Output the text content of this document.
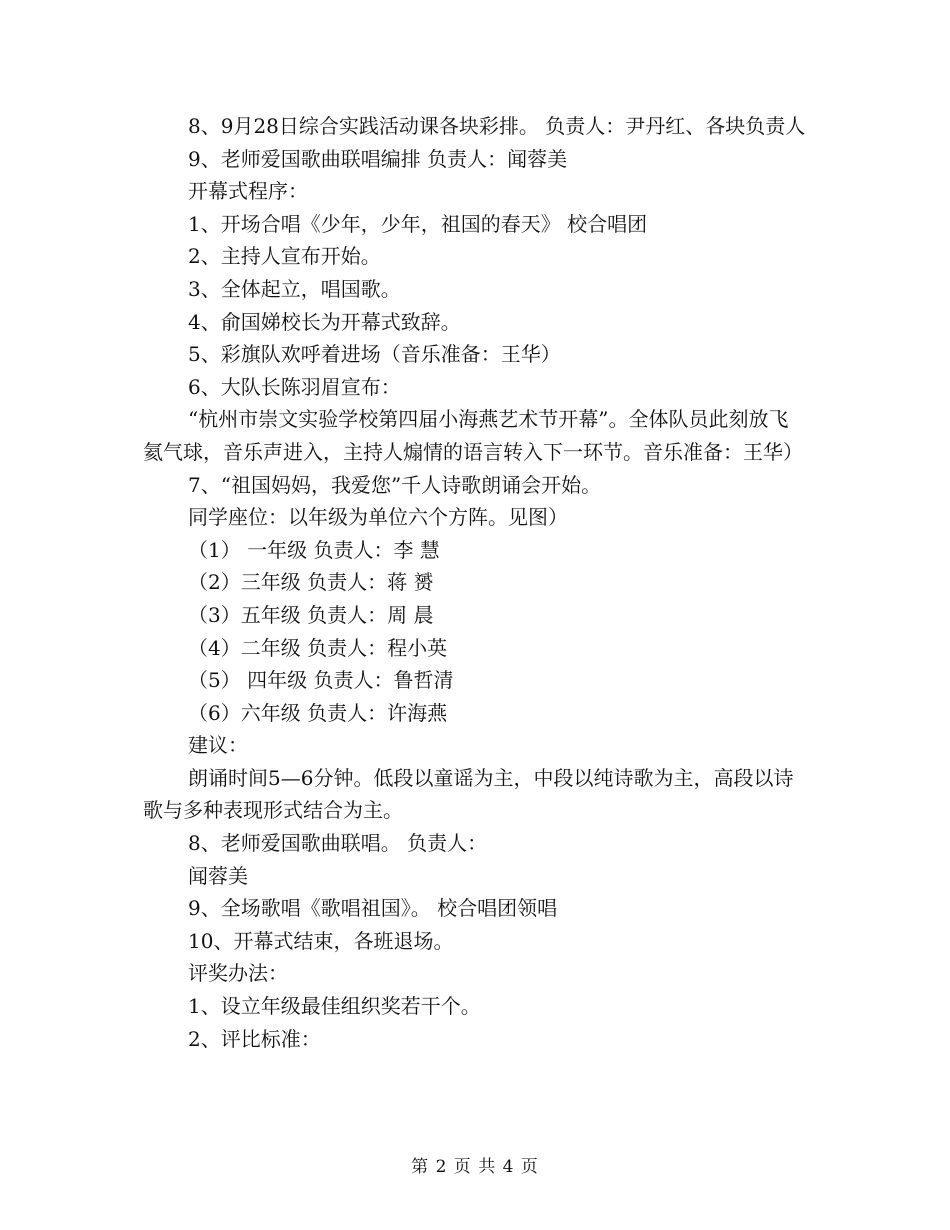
8、9月28日综合实践活动课各块彩排。 负责人：尹丹红、各块负责人

9、老师爱国歌曲联唱编排 负责人：闻蓉美

开幕式程序：

1、开场合唱《少年，少年，祖国的春天》 校合唱团

2、主持人宣布开始。

3、全体起立，唱国歌。

4、俞国娣校长为开幕式致辞。

5、彩旗队欢呼着进场（音乐准备：王华）

6、大队长陈羽眉宣布：

“杭州市崇文实验学校第四届小海燕艺术节开幕”。全体队员此刻放飞氦气球，音乐声进入，主持人煽情的语言转入下一环节。音乐准备：王华）

7、“祖国妈妈，我爱您”千人诗歌朗诵会开始。

同学座位：以年级为单位六个方阵。见图）

（1） 一年级 负责人：李 慧

（2）三年级 负责人：蒋 赟

（3）五年级 负责人：周 晨

（4）二年级 负责人：程小英

（5） 四年级 负责人：鲁哲清

（6）六年级 负责人：许海燕

建议：

朗诵时间5—6分钟。低段以童谣为主，中段以纯诗歌为主，高段以诗歌与多种表现形式结合为主。

8、老师爱国歌曲联唱。 负责人：

闻蓉美

9、全场歌唱《歌唱祖国》。 校合唱团领唱

10、开幕式结束，各班退场。

评奖办法：

1、设立年级最佳组织奖若干个。

2、评比标准：

第 2 页 共 4 页
